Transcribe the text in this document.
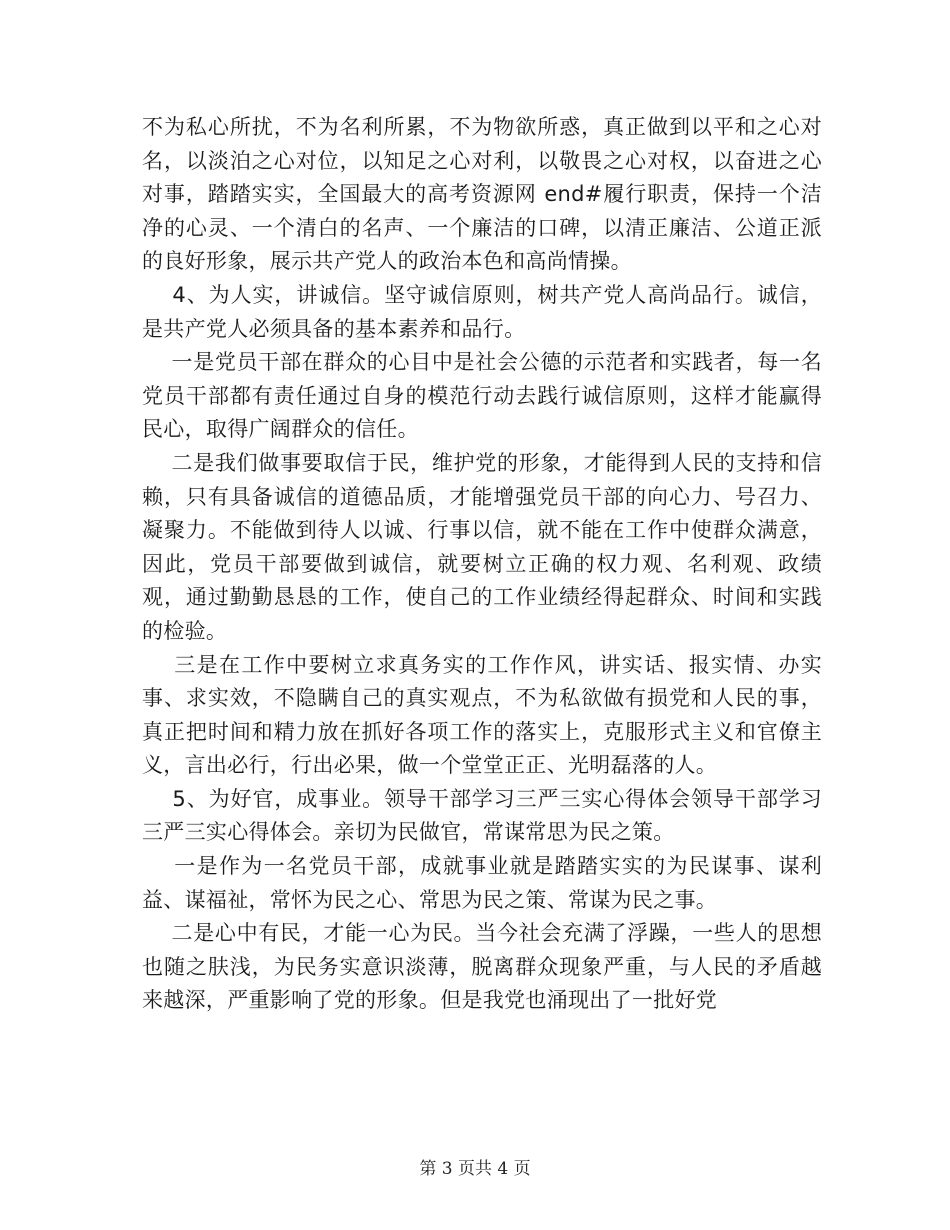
不为私心所扰，不为名利所累，不为物欲所惑，真正做到以平和之心对名，以淡泊之心对位，以知足之心对利，以敬畏之心对权，以奋进之心对事，踏踏实实，全国最大的高考资源网 end#履行职责，保持一个洁净的心灵、一个清白的名声、一个廉洁的口碑，以清正廉洁、公道正派的良好形象，展示共产党人的政治本色和高尚情操。

4、为人实，讲诚信。坚守诚信原则，树共产党人高尚品行。诚信，是共产党人必须具备的基本素养和品行。

一是党员干部在群众的心目中是社会公德的示范者和实践者，每一名党员干部都有责任通过自身的模范行动去践行诚信原则，这样才能赢得民心，取得广阔群众的信任。

二是我们做事要取信于民，维护党的形象，才能得到人民的支持和信赖，只有具备诚信的道德品质，才能增强党员干部的向心力、号召力、凝聚力。不能做到待人以诚、行事以信，就不能在工作中使群众满意，因此，党员干部要做到诚信，就要树立正确的权力观、名利观、政绩观，通过勤勤恳恳的工作，使自己的工作业绩经得起群众、时间和实践的检验。

三是在工作中要树立求真务实的工作作风，讲实话、报实情、办实事、求实效，不隐瞒自己的真实观点，不为私欲做有损党和人民的事，真正把时间和精力放在抓好各项工作的落实上，克服形式主义和官僚主义，言出必行，行出必果，做一个堂堂正正、光明磊落的人。

5、为好官，成事业。领导干部学习三严三实心得体会领导干部学习三严三实心得体会。亲切为民做官，常谋常思为民之策。

一是作为一名党员干部，成就事业就是踏踏实实的为民谋事、谋利益、谋福祉，常怀为民之心、常思为民之策、常谋为民之事。

二是心中有民，才能一心为民。当今社会充满了浮躁，一些人的思想也随之肤浅，为民务实意识淡薄，脱离群众现象严重，与人民的矛盾越来越深，严重影响了党的形象。但是我党也涌现出了一批好党

第 3 页共 4 页
